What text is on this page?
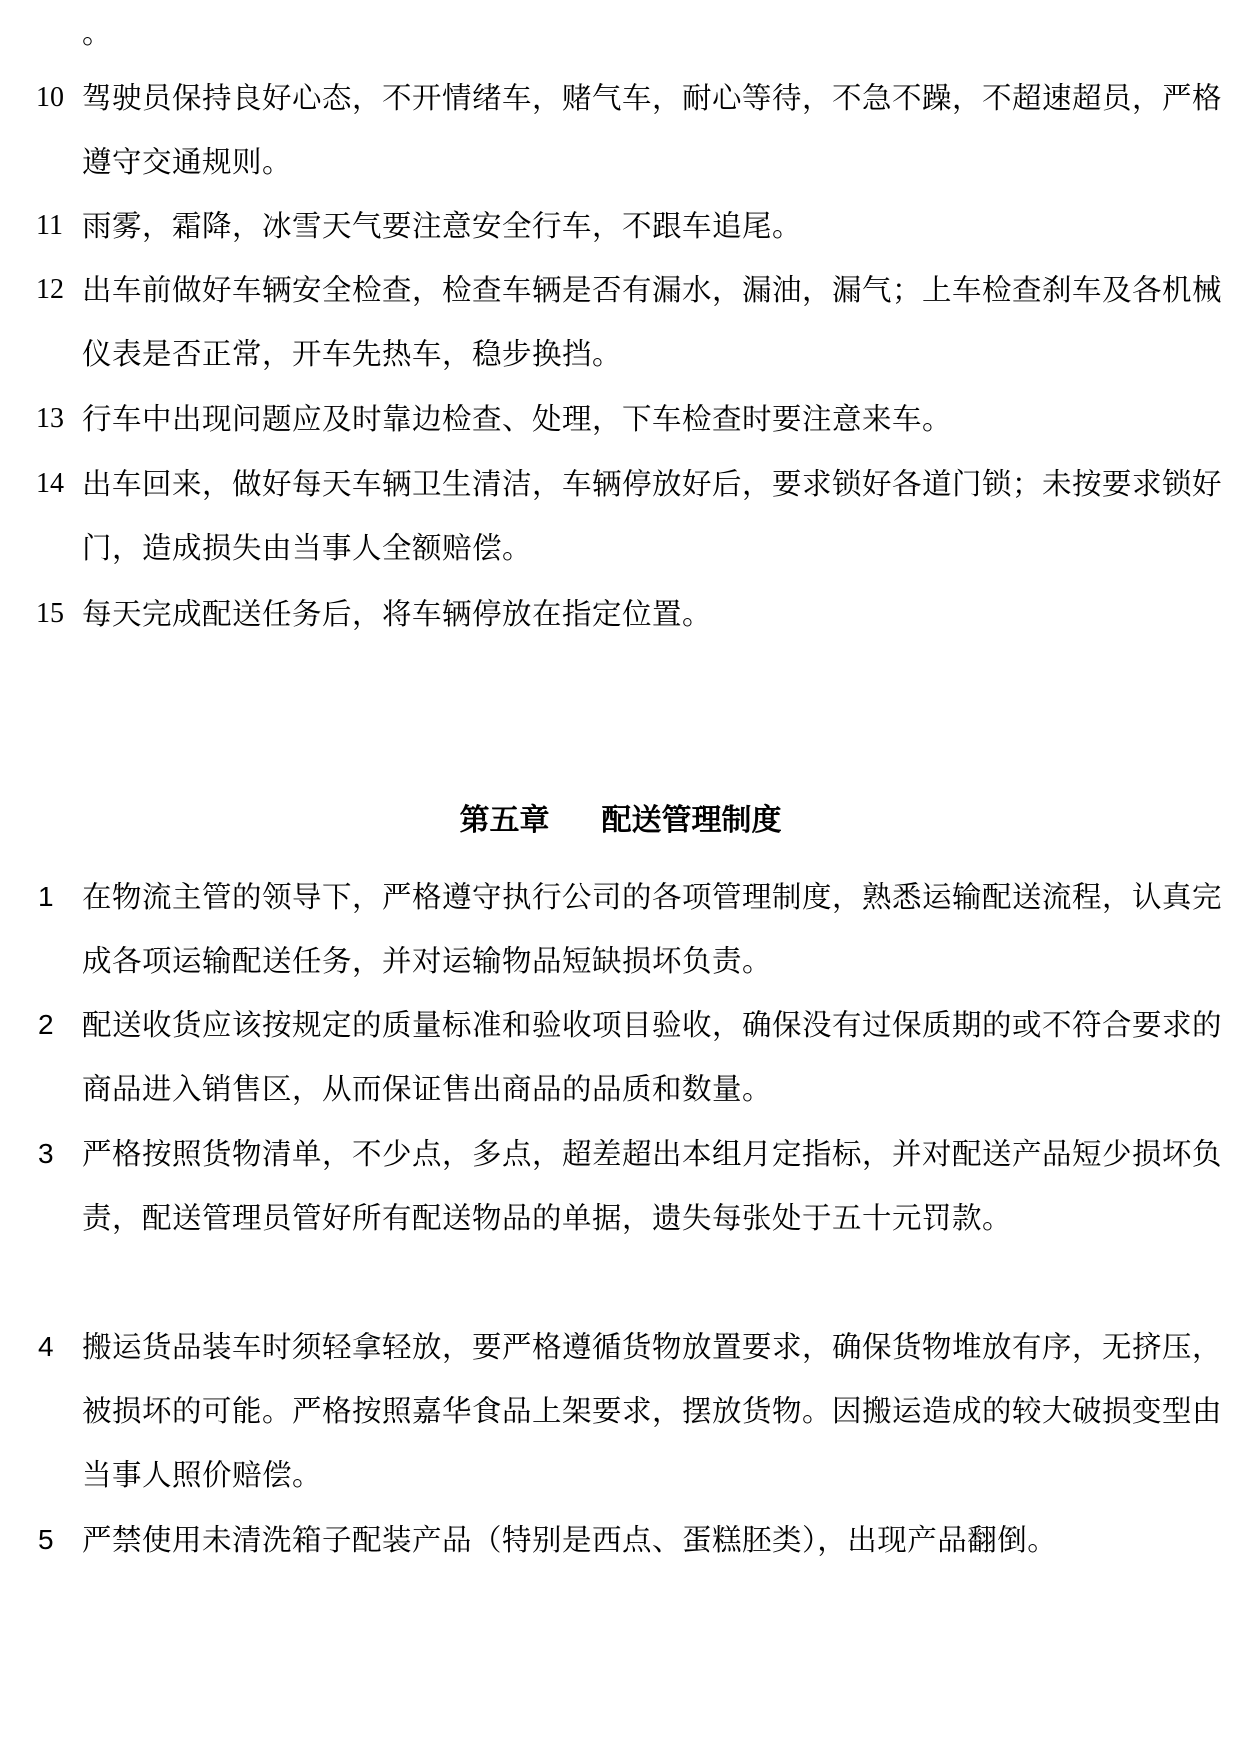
。
10 驾驶员保持良好心态，不开情绪车，赌气车，耐心等待，不急不躁，不超速超员，严格遵守交通规则。
11 雨雾，霜降，冰雪天气要注意安全行车，不跟车追尾。
12 出车前做好车辆安全检查，检查车辆是否有漏水，漏油，漏气；上车检查刹车及各机械仪表是否正常，开车先热车，稳步换挡。
13 行车中出现问题应及时靠边检查、处理，下车检查时要注意来车。
14 出车回来，做好每天车辆卫生清洁，车辆停放好后，要求锁好各道门锁；未按要求锁好门，造成损失由当事人全额赔偿。
15 每天完成配送任务后，将车辆停放在指定位置。
第五章 配送管理制度
1 在物流主管的领导下，严格遵守执行公司的各项管理制度，熟悉运输配送流程，认真完成各项运输配送任务，并对运输物品短缺损坏负责。
2 配送收货应该按规定的质量标准和验收项目验收，确保没有过保质期的或不符合要求的商品进入销售区，从而保证售出商品的品质和数量。
3 严格按照货物清单，不少点，多点，超差超出本组月定指标，并对配送产品短少损坏负责，配送管理员管好所有配送物品的单据，遗失每张处于五十元罚款。
4 搬运货品装车时须轻拿轻放，要严格遵循货物放置要求，确保货物堆放有序，无挤压，被损坏的可能。严格按照嘉华食品上架要求，摆放货物。因搬运造成的较大破损变型由当事人照价赔偿。
5 严禁使用未清洗箱子配装产品（特别是西点、蛋糕胚类），出现产品翻倒。
